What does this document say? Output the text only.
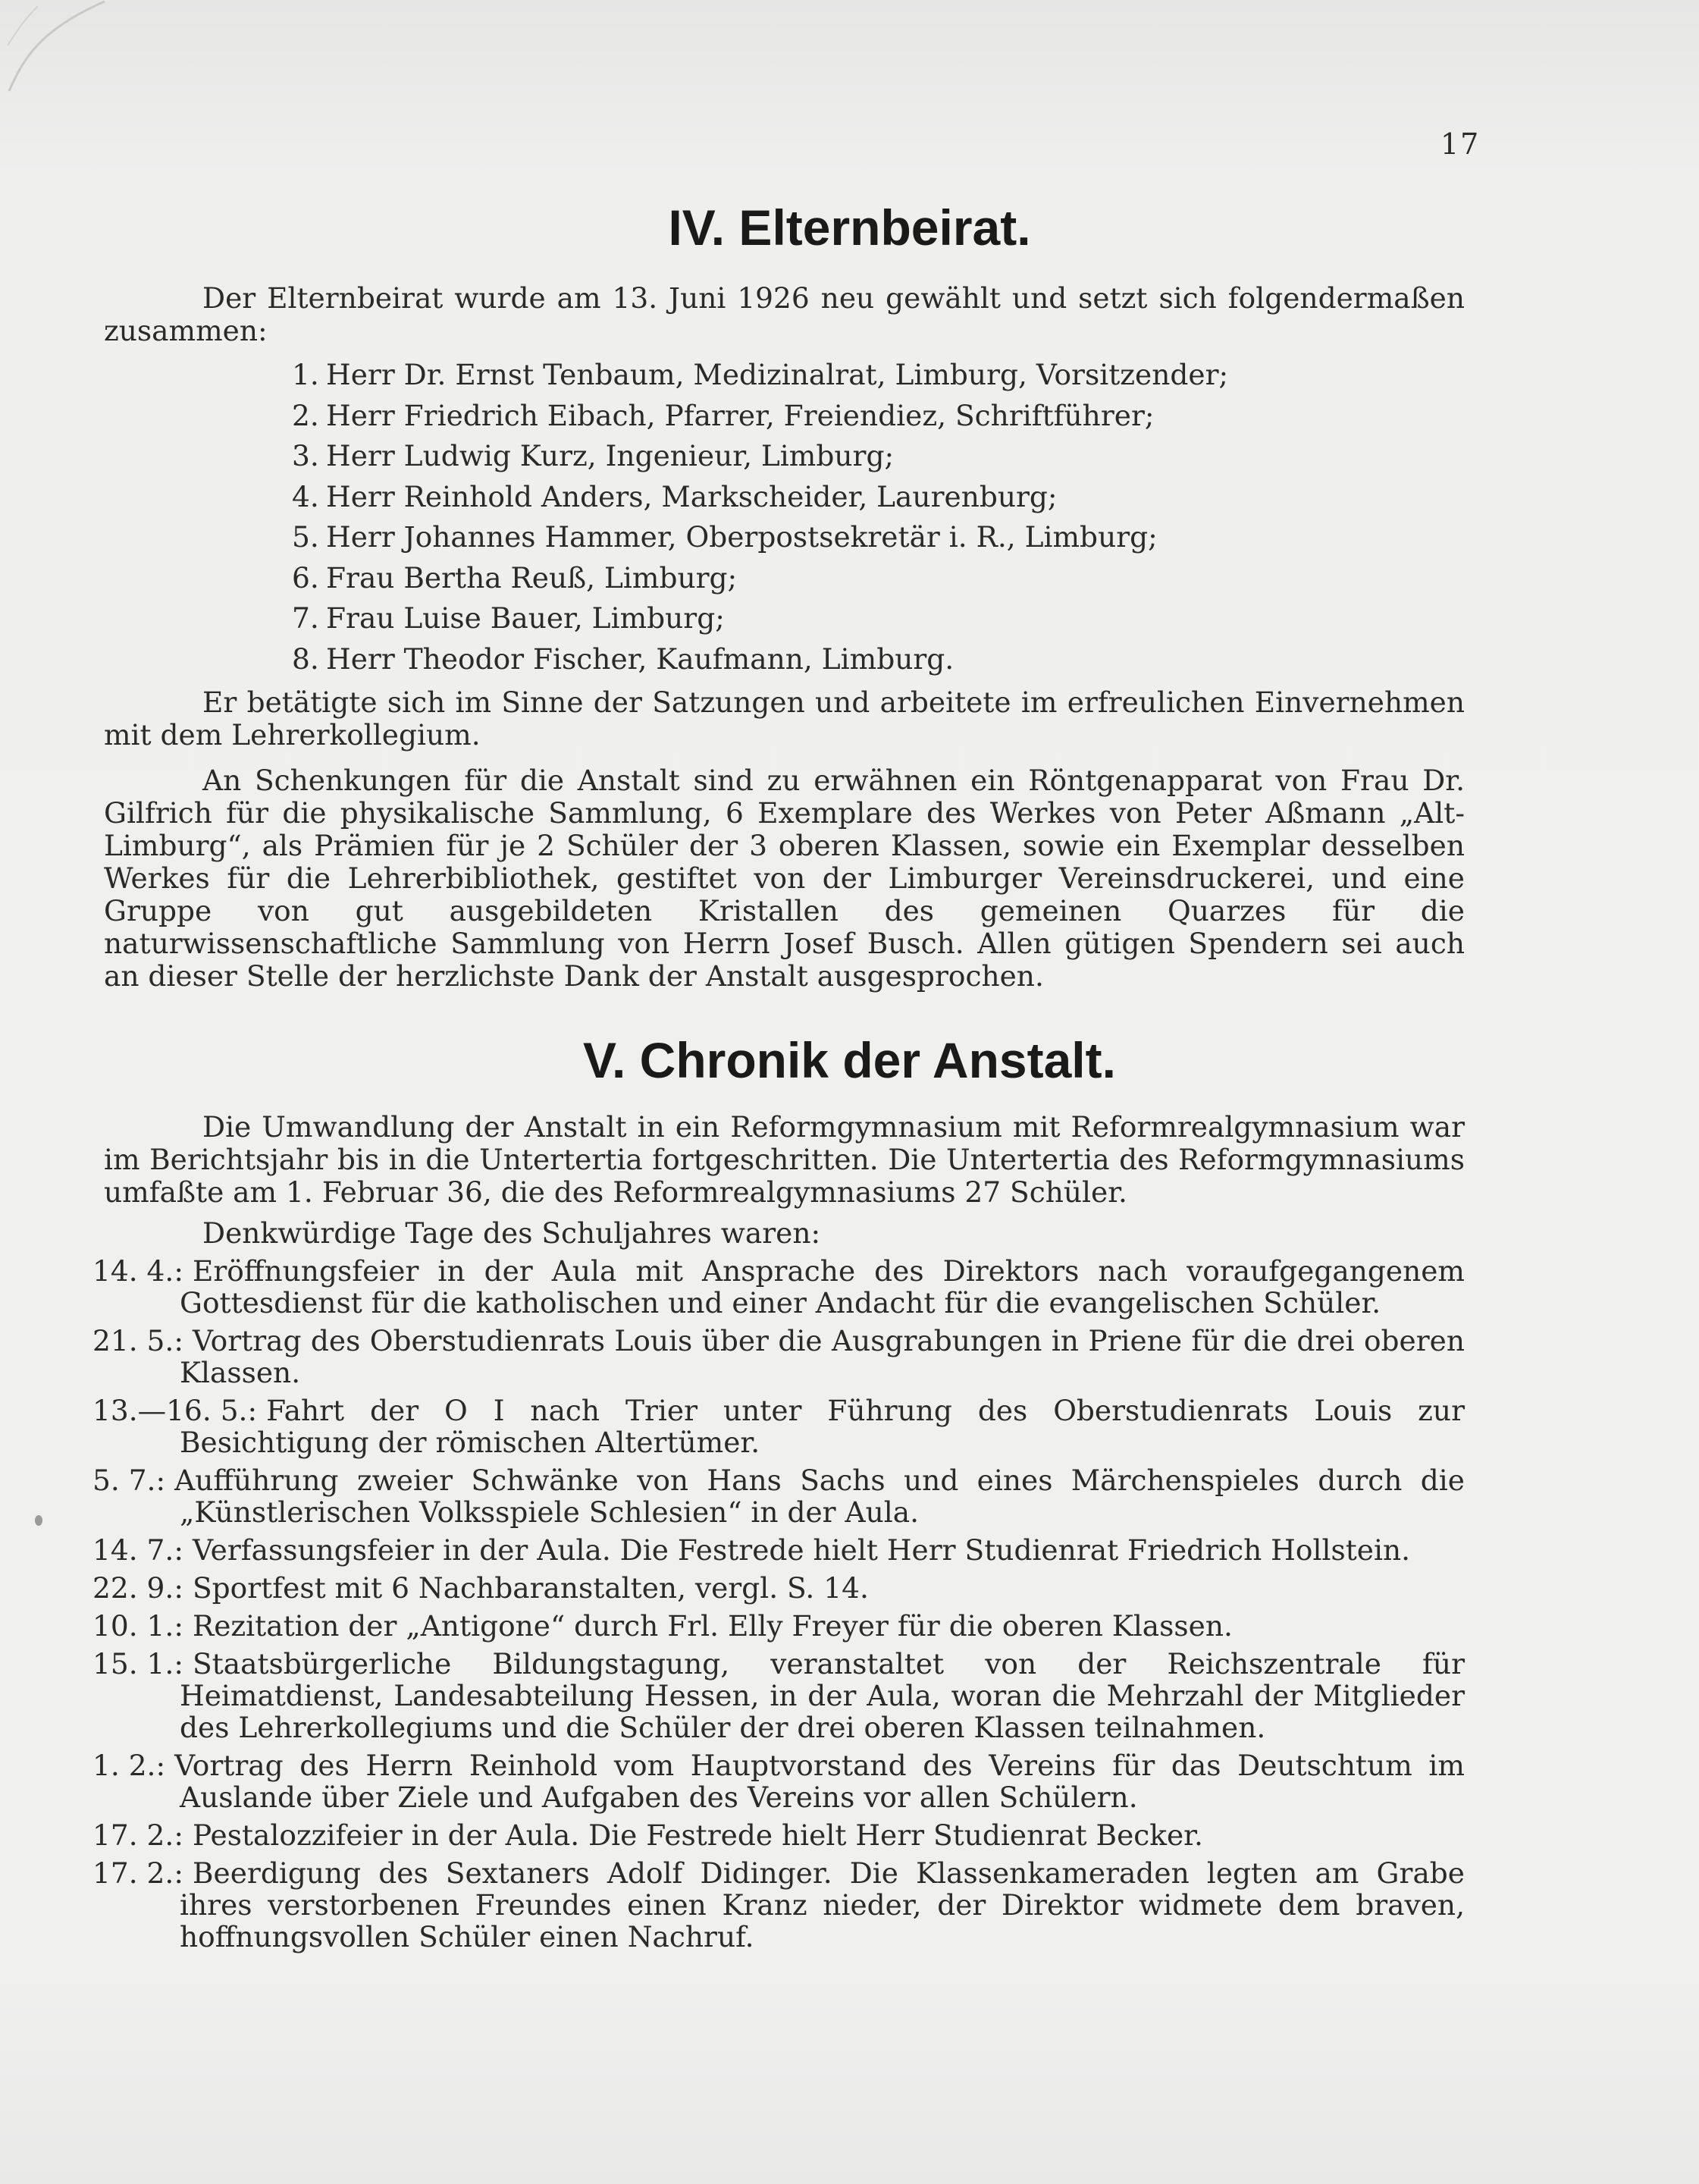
17
IV. Elternbeirat.

Der Elternbeirat wurde am 13. Juni 1926 neu gewählt und setzt sich folgendermaßen zusammen:

1. Herr Dr. Ernst Tenbaum, Medizinalrat, Limburg, Vorsitzender;
2. Herr Friedrich Eibach, Pfarrer, Freiendiez, Schriftführer;
3. Herr Ludwig Kurz, Ingenieur, Limburg;
4. Herr Reinhold Anders, Markscheider, Laurenburg;
5. Herr Johannes Hammer, Oberpostsekretär i. R., Limburg;
6. Frau Bertha Reuß, Limburg;
7. Frau Luise Bauer, Limburg;
8. Herr Theodor Fischer, Kaufmann, Limburg.

Er betätigte sich im Sinne der Satzungen und arbeitete im erfreulichen Einvernehmen mit dem Lehrerkollegium.

An Schenkungen für die Anstalt sind zu erwähnen ein Röntgenapparat von Frau Dr. Gilfrich für die physikalische Sammlung, 6 Exemplare des Werkes von Peter Aßmann „Alt-Limburg“, als Prämien für je 2 Schüler der 3 oberen Klassen, sowie ein Exemplar desselben Werkes für die Lehrerbibliothek, gestiftet von der Limburger Vereinsdruckerei, und eine Gruppe von gut ausgebildeten Kristallen des gemeinen Quarzes für die naturwissenschaftliche Sammlung von Herrn Josef Busch. Allen gütigen Spendern sei auch an dieser Stelle der herzlichste Dank der Anstalt ausgesprochen.

V. Chronik der Anstalt.

Die Umwandlung der Anstalt in ein Reformgymnasium mit Reformrealgymnasium war im Berichtsjahr bis in die Untertertia fortgeschritten. Die Untertertia des Reformgymnasiums umfaßte am 1. Februar 36, die des Reformrealgymnasiums 27 Schüler.

Denkwürdige Tage des Schuljahres waren:

14. 4.: Eröffnungsfeier in der Aula mit Ansprache des Direktors nach voraufgegangenem Gottesdienst für die katholischen und einer Andacht für die evangelischen Schüler.
21. 5.: Vortrag des Oberstudienrats Louis über die Ausgrabungen in Priene für die drei oberen Klassen.
13.—16. 5.: Fahrt der O I nach Trier unter Führung des Oberstudienrats Louis zur Besichtigung der römischen Altertümer.
5. 7.: Aufführung zweier Schwänke von Hans Sachs und eines Märchenspieles durch die „Künstlerischen Volksspiele Schlesien“ in der Aula.
14. 7.: Verfassungsfeier in der Aula. Die Festrede hielt Herr Studienrat Friedrich Hollstein.
22. 9.: Sportfest mit 6 Nachbaranstalten, vergl. S. 14.
10. 1.: Rezitation der „Antigone“ durch Frl. Elly Freyer für die oberen Klassen.
15. 1.: Staatsbürgerliche Bildungstagung, veranstaltet von der Reichszentrale für Heimatdienst, Landesabteilung Hessen, in der Aula, woran die Mehrzahl der Mitglieder des Lehrerkollegiums und die Schüler der drei oberen Klassen teilnahmen.
1. 2.: Vortrag des Herrn Reinhold vom Hauptvorstand des Vereins für das Deutschtum im Auslande über Ziele und Aufgaben des Vereins vor allen Schülern.
17. 2.: Pestalozzifeier in der Aula. Die Festrede hielt Herr Studienrat Becker.
17. 2.: Beerdigung des Sextaners Adolf Didinger. Die Klassenkameraden legten am Grabe ihres verstorbenen Freundes einen Kranz nieder, der Direktor widmete dem braven, hoffnungsvollen Schüler einen Nachruf.
